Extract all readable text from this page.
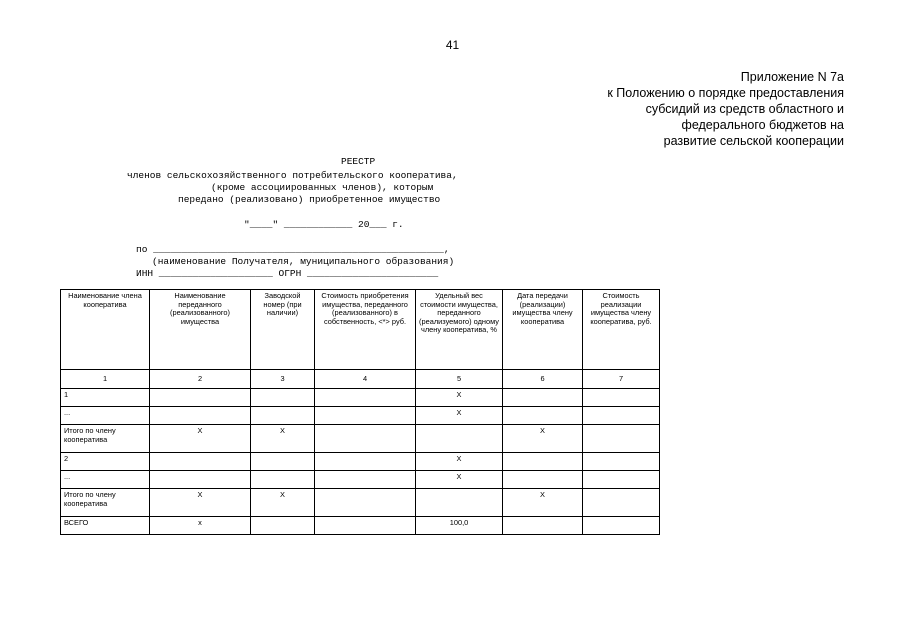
41
Приложение N 7а
к Положению о порядке предоставления
субсидий из средств областного и
федерального бюджетов на
развитие сельской кооперации
РЕЕСТР
членов сельскохозяйственного потребительского кооператива,
(кроме ассоциированных членов), которым
передано (реализовано) приобретенное имущество
"____" ____________ 20___ г.
по ___________________________________________________,
(наименование Получателя, муниципального образования)
ИНН ____________________ ОГРН _______________________
Наименование члена кооператива	Наименование переданного (реализованного) имущества	Заводской номер (при наличии)	Стоимость приобретения имущества, переданного (реализованного) в собственность, <*> руб.	Удельный вес стоимости имущества, переданного (реализуемого) одному члену кооператива, %	Дата передачи (реализации) имущества члену кооператива	Стоимость реализации имущества члену кооператива, руб.
1	2	3	4	5	6	7
1				Х		
...				Х		
Итого по члену кооператива	Х	Х			Х	
2				Х		
...				Х		
Итого по члену кооператива	Х	Х			Х	
ВСЕГО	х			100,0		
